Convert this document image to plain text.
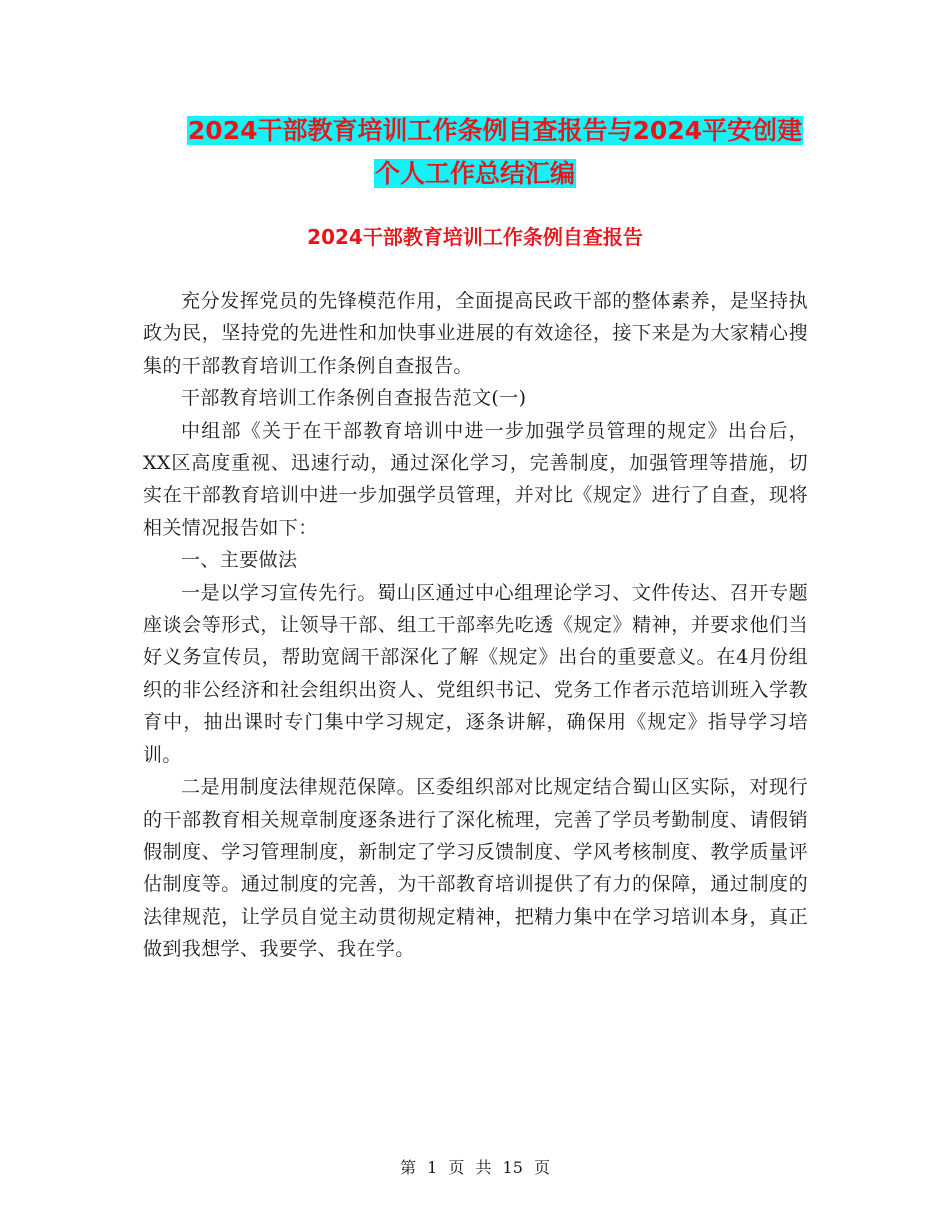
2024干部教育培训工作条例自查报告与2024平安创建
个人工作总结汇编
2024干部教育培训工作条例自查报告

充分发挥党员的先锋模范作用，全面提高民政干部的整体素养，是坚持执政为民，坚持党的先进性和加快事业进展的有效途径，接下来是为大家精心搜集的干部教育培训工作条例自查报告。

干部教育培训工作条例自查报告范文(一)

中组部《关于在干部教育培训中进一步加强学员管理的规定》出台后，XX区高度重视、迅速行动，通过深化学习，完善制度，加强管理等措施，切实在干部教育培训中进一步加强学员管理，并对比《规定》进行了自查，现将相关情况报告如下：

一、主要做法

一是以学习宣传先行。蜀山区通过中心组理论学习、文件传达、召开专题座谈会等形式，让领导干部、组工干部率先吃透《规定》精神，并要求他们当好义务宣传员，帮助宽阔干部深化了解《规定》出台的重要意义。在4月份组织的非公经济和社会组织出资人、党组织书记、党务工作者示范培训班入学教育中，抽出课时专门集中学习规定，逐条讲解，确保用《规定》指导学习培训。

二是用制度法律规范保障。区委组织部对比规定结合蜀山区实际，对现行的干部教育相关规章制度逐条进行了深化梳理，完善了学员考勤制度、请假销假制度、学习管理制度，新制定了学习反馈制度、学风考核制度、教学质量评估制度等。通过制度的完善，为干部教育培训提供了有力的保障，通过制度的法律规范，让学员自觉主动贯彻规定精神，把精力集中在学习培训本身，真正做到我想学、我要学、我在学。

第 1 页 共 15 页
